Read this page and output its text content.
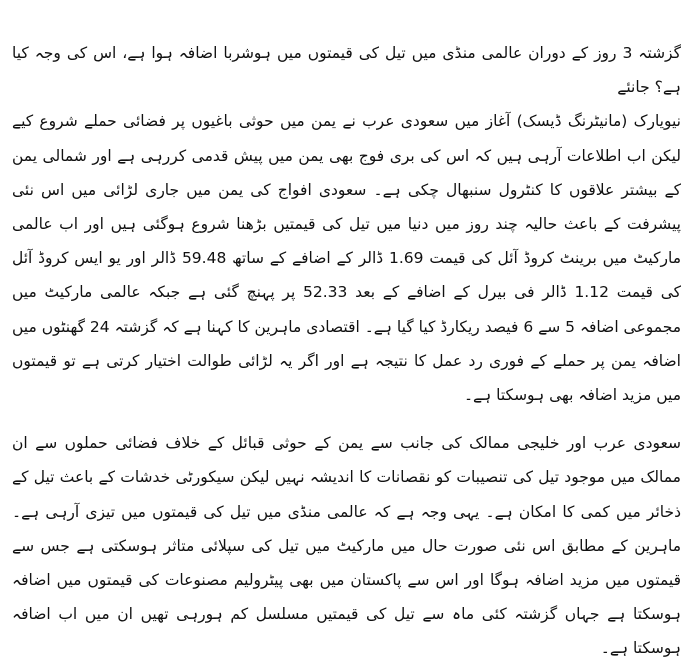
گزشتہ 3 روز کے دوران عالمی منڈی میں تیل کی قیمتوں میں ہوشربا اضافہ ہوا ہے، اس کی وجہ کیا ہے؟ جانئے

نیویارک (مانیٹرنگ ڈیسک) آغاز میں سعودی عرب نے یمن میں حوثی باغیوں پر فضائی حملے شروع کیے لیکن اب اطلاعات آرہی ہیں کہ اس کی بری فوج بھی یمن میں پیش قدمی کررہی ہے اور شمالی یمن کے بیشتر علاقوں کا کنٹرول سنبھال چکی ہے۔ سعودی افواج کی یمن میں جاری لڑائی میں اس نئی پیشرفت کے باعث حالیہ چند روز میں دنیا میں تیل کی قیمتیں بڑھنا شروع ہوگئی ہیں اور اب عالمی مارکیٹ میں برینٹ کروڈ آئل کی قیمت 1.69 ڈالر کے اضافے کے ساتھ 59.48 ڈالر اور یو ایس کروڈ آئل کی قیمت 1.12 ڈالر فی بیرل کے اضافے کے بعد 52.33 پر پہنچ گئی ہے جبکہ عالمی مارکیٹ میں مجموعی اضافہ 5 سے 6 فیصد ریکارڈ کیا گیا ہے۔ اقتصادی ماہرین کا کہنا ہے کہ گزشتہ 24 گھنٹوں میں اضافہ یمن پر حملے کے فوری رد عمل کا نتیجہ ہے اور اگر یہ لڑائی طوالت اختیار کرتی ہے تو قیمتوں میں مزید اضافہ بھی ہوسکتا ہے۔

سعودی عرب اور خلیجی ممالک کی جانب سے یمن کے حوثی قبائل کے خلاف فضائی حملوں سے ان ممالک میں موجود تیل کی تنصیبات کو نقصانات کا اندیشہ نہیں لیکن سیکورٹی خدشات کے باعث تیل کے ذخائر میں کمی کا امکان ہے۔ یہی وجہ ہے کہ عالمی منڈی میں تیل کی قیمتوں میں تیزی آرہی ہے۔ ماہرین کے مطابق اس نئی صورت حال میں مارکیٹ میں تیل کی سپلائی متاثر ہوسکتی ہے جس سے قیمتوں میں مزید اضافہ ہوگا اور اس سے پاکستان میں بھی پیٹرولیم مصنوعات کی قیمتوں میں اضافہ ہوسکتا ہے جہاں گزشتہ کئی ماہ سے تیل کی قیمتیں مسلسل کم ہورہی تھیں ان میں اب اضافہ ہوسکتا ہے۔
